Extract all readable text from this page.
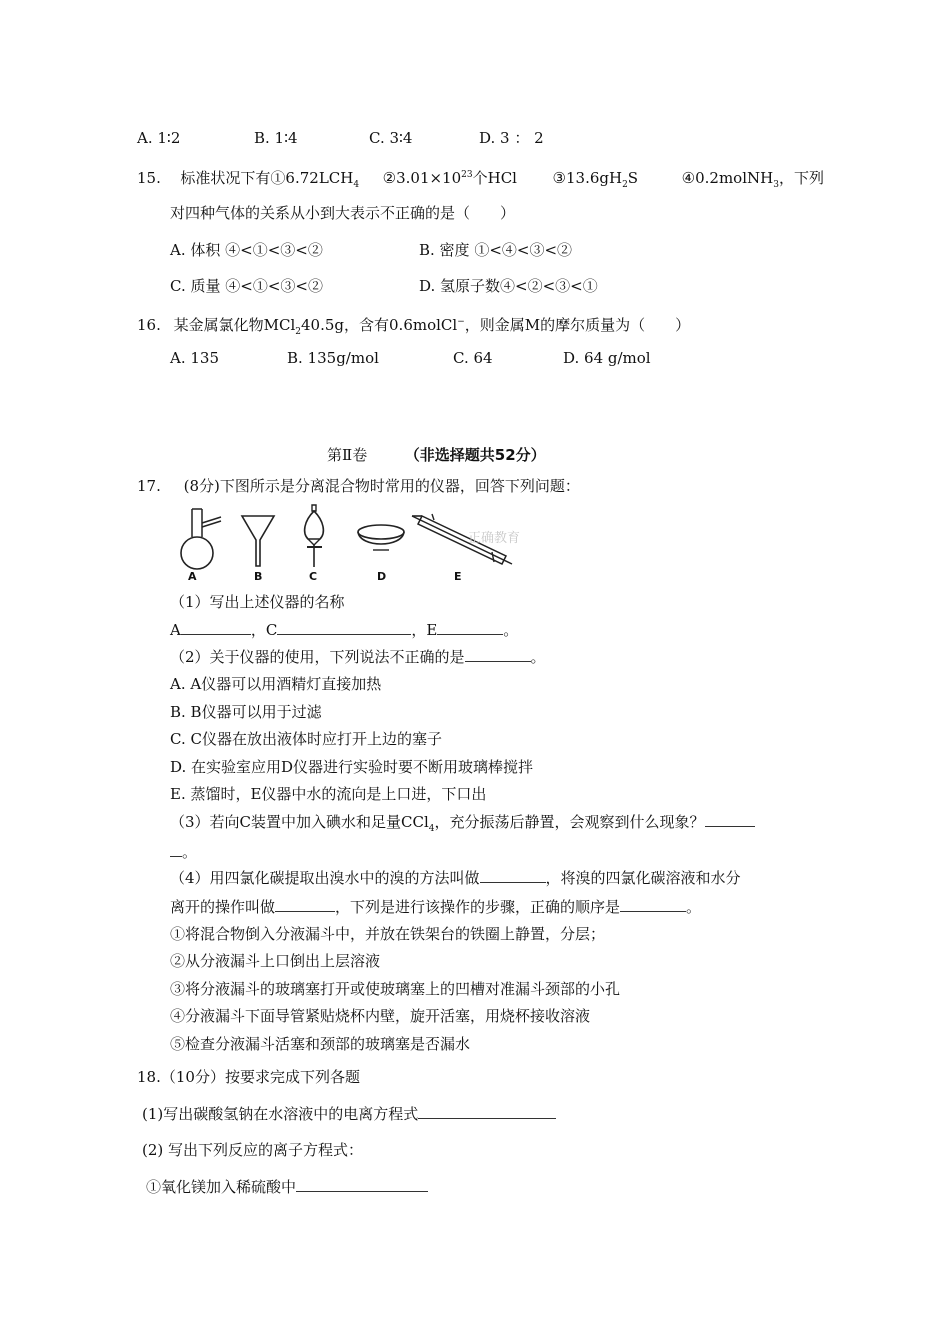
A. 1∶2	B. 1∶4	C. 3∶4	D. 3 ： 2
15. 标准状况下有$①6.72LCH_4$ $②3.01\times 10^{23}$个HCl $③13.6gH_2S$	④0.2molNH$_3$，下列
对四种气体的关系从小到大表示不正确的是（　　）
A. 体积 ④<①<③<②	B. 密度 ①<④<③<②
C. 质量 ④<①<③<②	D. 氢原子数④<②<③<①
16. 某金属氯化物MCl$_2$40.5g，含有0.6molCl−，则金属M的摩尔质量为（　　）
A. 135	B. 135g/mol	C. 64	D. 64 g/mol
第Ⅱ卷	（非选择题共52分）
17. (8分)下图所示是分离混合物时常用的仪器，回答下列问题：
A	B	C	D	E
正确教育
（1）写出上述仪器的名称
A	，C	，E	。
（2）关于仪器的使用，下列说法不正确的是	。
A. A仪器可以用酒精灯直接加热
B. B仪器可以用于过滤
C. C仪器在放出液体时应打开上边的塞子
D. 在实验室应用D仪器进行实验时要不断用玻璃棒搅拌
E. 蒸馏时，E仪器中水的流向是上口进，下口出
（3）若向C装置中加入碘水和足量CCl$_4$，充分振荡后静置，会观察到什么现象？
。
（4）用四氯化碳提取出溴水中的溴的方法叫做	，将溴的四氯化碳溶液和水分
离开的操作叫做	，下列是进行该操作的步骤，正确的顺序是	。
①将混合物倒入分液漏斗中，并放在铁架台的铁圈上静置，分层；
②从分液漏斗上口倒出上层溶液
③将分液漏斗的玻璃塞打开或使玻璃塞上的凹槽对准漏斗颈部的小孔
④分液漏斗下面导管紧贴烧杯内壁，旋开活塞，用烧杯接收溶液
⑤检查分液漏斗活塞和颈部的玻璃塞是否漏水
18.（10分）按要求完成下列各题
(1)写出碳酸氢钠在水溶液中的电离方程式
(2) 写出下列反应的离子方程式：
①氧化镁加入稀硫酸中
